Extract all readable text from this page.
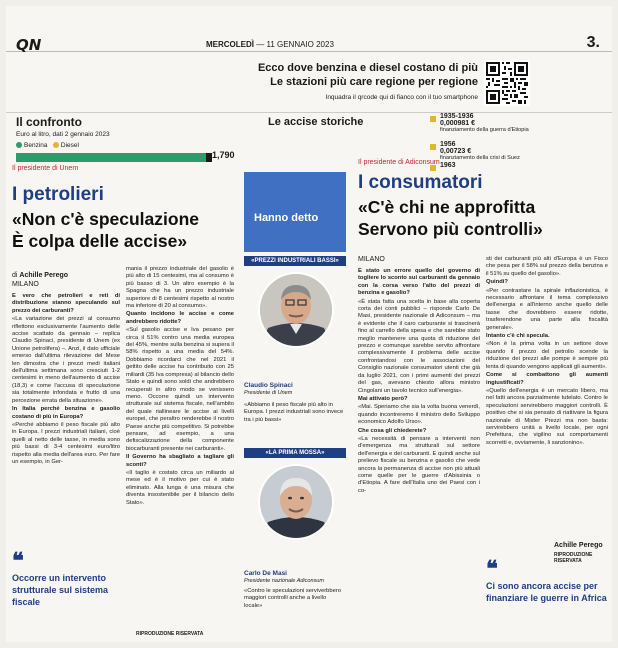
QN	MERCOLEDÌ — 11 GENNAIO 2023	3.
Ecco dove benzina e diesel costano di più
Le stazioni più care regione per regione
Inquadra il qrcode qui di fianco con il tuo smartphone
Il confronto
Euro al litro, dati 2 gennaio 2023
Benzina Diesel
1,790
Le accise storiche	1935-1936
0,000981 €
finanziamento della guerra d'Etiopia
1956
0,00723 €
finanziamento della crisi di Suez
1963
Il presidente di Unem
Il presidente di Adiconsum
I petrolieri
«Non c'è speculazione
È colpa delle accise»
di Achille Perego
MILANO

È vero che petrolieri e reti di distribuzione stanno speculando sul prezzo dei carburanti?

«La variazione dei prezzi al consumo riflettono esclusivamente l'aumento delle accise scattato da gennaio – replica Claudio Spinaci, presidente di Unem (ex Unione petrolifera) –. Anzi, il dato ufficiale emerso dall'ultima rilevazione del Mese len dimostra che i prezzi medi italiani dell'ultima settimana sono cresciuti 1-2 centesimi in meno dell'aumento di accise (18,3) e come l'accusa di speculazione sia totalmente infondata e frutto di una percezione errata della situazione».

In Italia perché benzina e gasolio costano di più in Europa?

«Perché abbiamo il peso fiscale più alto in Europa. I prezzi industriali italiani, cioè quelli al netto delle tasse, in media sono più bassi di 3-4 centesimi euro/litro rispetto alla media dell'area euro. Per fare un esempio, in Ger-

mania il prezzo industriale del gasolio è più alto di 15 centesimi, ma al consumo è più basso di 3. Un altro esempio è la Spagna che ha un prezzo industriale superiore di 8 centesimi rispetto al nostro ma inferiore di 20 al consumo».

Quanto incidono le accise e come andrebbero ridotte?

«Sul gasolio accise e Iva pesano per circa il 51% contro una media europea del 45%, mentre sulla benzina si supera il 58% rispetto a una media del 54%. Dobbiamo ricordarci che nel 2021 il gettito delle accise ha contribuito con 25 miliardi (35 Iva compresa) al bilancio dello Stato e quindi sono soldi che andrebbero recuperati in altro modo se venissero meno. Occorre quindi un intervento strutturale sul sistema fiscale, nell'ambito del quale riallineare le accise ai livelli europei, che peraltro renderebbe il nostro Paese anche più competitivo. Si potrebbe pensare, ad esempio, a una defiscalizzazione della componente biocarburanti presente nei carburanti».

Il Governo ha sbagliato a tagliare gli sconti?

«Il taglio è costato circa un miliardo al mese ed è il motivo per cui è stato eliminato. Alla lunga è una misura che diventa insostenibile per il bilancio dello Stato».

❝
Occorre un intervento strutturale sul sistema fiscale
RIPRODUZIONE RISERVATA
Hanno detto
«PREZZI INDUSTRIALI BASSI»
Claudio Spinaci
Presidente di Unem
«Abbiamo il peso fiscale più alto in Europa. I prezzi industriali sono invece tra i più bassi»
«LA PRIMA MOSSA»
Carlo De Masi
Presidente nazionale Adiconsum
«Contro le speculazioni serviverbbero maggiori controlli anche a livello locale»
I consumatori
«C'è chi ne approfitta
Servono più controlli»
MILANO

È stato un errore quello del governo di togliere lo sconto sui carburanti da gennaio con la corsa verso l'alto del prezzi di benzina e gasolio?

«È stata fatta una scelta in base alla coperta corta dei conti pubblici – risponde Carlo De Masi, presidente nazionale di Adiconsum – ma è evidente che il caro carburante si trascinerà fino al carrello della spesa e che sarebbe stato meglio mantenere una quota di riduzione del prezzo e comunque sarebbe servito affrontare complessivamente il problema delle accise confrontandosi con le associazioni del Consiglio nazionale consumatori utenti che già da luglio 2021, con i primi aumenti dei prezzi del gas, avevano chiesto allora ministro Cingolani un tavolo tecnico sull'energia».

Mai attivato però?

«Mai. Speriamo che sia la volta buona venerdì, quando incontreremo il ministro dello Sviluppo economico Adolfo Urso».

Che cosa gli chiederete?

«La necessità di pensare a interventi non d'emergenza ma strutturali sul settore dell'energia e dei carburanti. E quindi anche sul prelievo fiscale su benzina e gasolio che vede ancora la permanenza di accise non più attuali come quelle per le guerre d'Abissinia o d'Etiopia. A fare dell'Italia uno dei Paesi con i co-

sti dei carburanti più alti d'Europa è un Fisco che pesa per il 58% sul prezzo della benzina e il 51% su quello del gasolio».

Quindi?

«Per contrastare la spirale inflazionistica, è necessario affrontare il tema complessivo dell'energia e all'interno anche quello delle tasse che dovrebbero essere ridotte, trasferendone una parte alla fiscalità generale».

Intanto c'è chi specula.

«Non è la prima volta in un settore dove quando il prezzo del petrolio scende la riduzione dei prezzi alle pompe è sempre più lenta di quando vengono applicati gli aumenti».

Come si combattono gli aumenti ingiustificati?

«Quello dell'energia è un mercato libero, ma nel fatti ancora parzialmente tutelato. Contro le speculazioni servirebbero maggiori controlli. È positivo che si sia pensato di riattivare la figura nazionale di Mister Prezzi ma non basta: servirebbero unità a livello locale, per ogni Prefettura, che vigilino sui comportamenti scorretti e, ovviamente, li sanzionino».

Achille Perego
RIPRODUZIONE RISERVATA
❝
Ci sono ancora accise per finanziare le guerre in Africa
